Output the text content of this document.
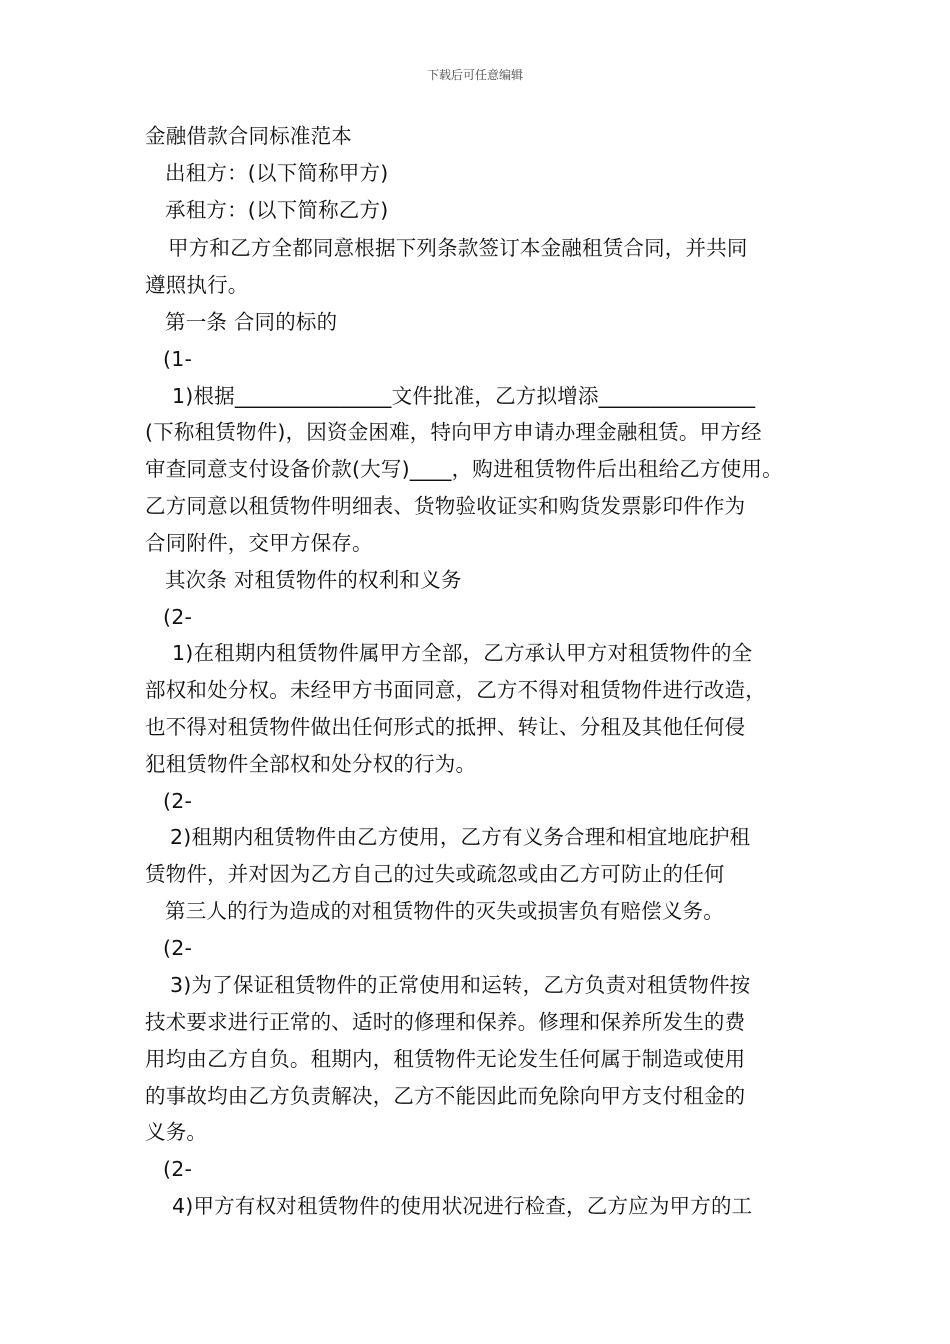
下载后可任意编辑
金融借款合同标准范本
出租方：(以下简称甲方)
承租方：(以下简称乙方)
甲方和乙方全都同意根据下列条款签订本金融租赁合同，并共同
遵照执行。
第一条 合同的标的
(1-
1)根据_______________文件批准，乙方拟增添_______________
(下称租赁物件)，因资金困难，特向甲方申请办理金融租赁。甲方经
审查同意支付设备价款(大写)____，购进租赁物件后出租给乙方使用。
乙方同意以租赁物件明细表、货物验收证实和购货发票影印件作为
合同附件，交甲方保存。
其次条 对租赁物件的权利和义务
(2-
1)在租期内租赁物件属甲方全部，乙方承认甲方对租赁物件的全
部权和处分权。未经甲方书面同意，乙方不得对租赁物件进行改造，
也不得对租赁物件做出任何形式的抵押、转让、分租及其他任何侵
犯租赁物件全部权和处分权的行为。
(2-
2)租期内租赁物件由乙方使用，乙方有义务合理和相宜地庇护租
赁物件，并对因为乙方自己的过失或疏忽或由乙方可防止的任何
第三人的行为造成的对租赁物件的灭失或损害负有赔偿义务。
(2-
3)为了保证租赁物件的正常使用和运转，乙方负责对租赁物件按
技术要求进行正常的、适时的修理和保养。修理和保养所发生的费
用均由乙方自负。租期内，租赁物件无论发生任何属于制造或使用
的事故均由乙方负责解决，乙方不能因此而免除向甲方支付租金的
义务。
(2-
4)甲方有权对租赁物件的使用状况进行检查，乙方应为甲方的工
